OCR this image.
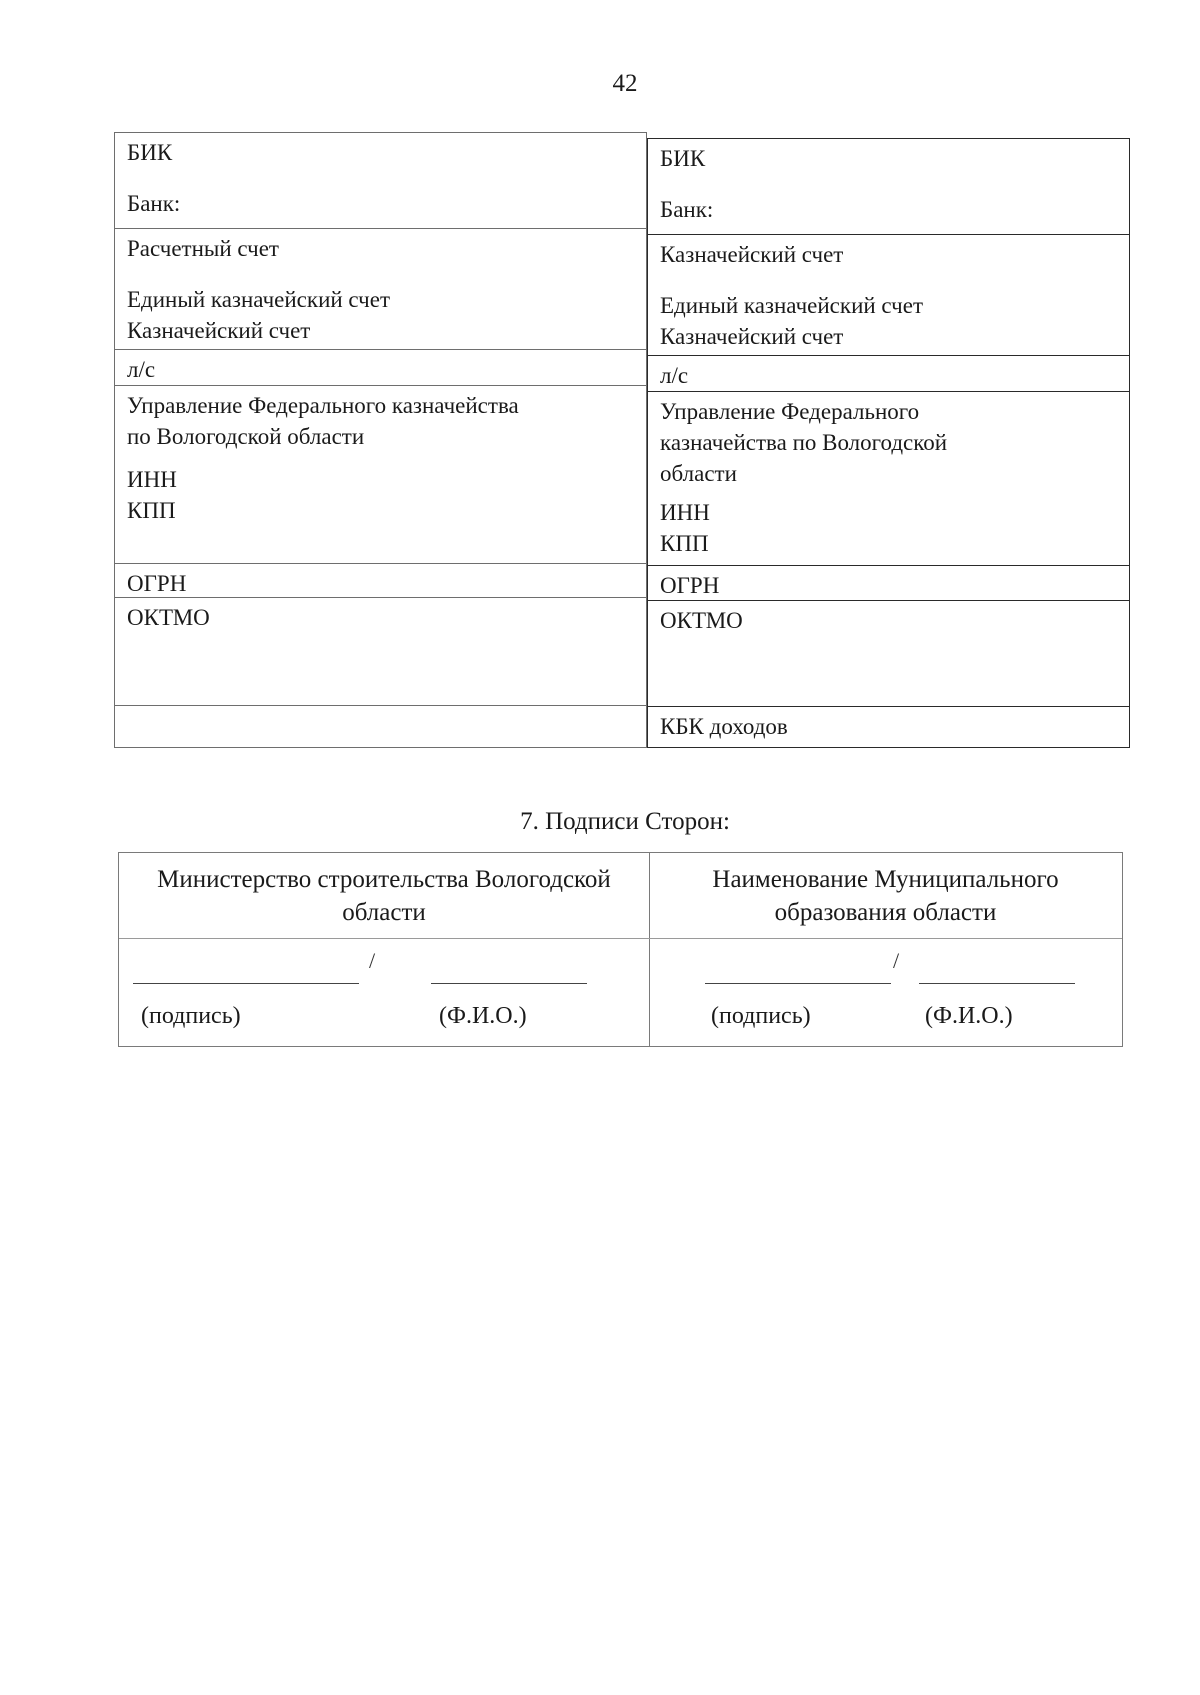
42
БИК
Банк:
Расчетный счет
Единый казначейский счет
Казначейский счет
л/с
Управление Федерального казначейства
по Вологодской области
ИНН
КПП
ОГРН
ОКТМО
БИК
Банк:
Казначейский счет
Единый казначейский счет
Казначейский счет
л/с
Управление Федерального
казначейства по Вологодской
области
ИНН
КПП
ОГРН
ОКТМО
КБК доходов
7. Подписи Сторон:
Министерство строительства Вологодской
области
Наименование Муниципального
образования области
/
(подпись)	(Ф.И.О.)
/
(подпись)	(Ф.И.О.)
